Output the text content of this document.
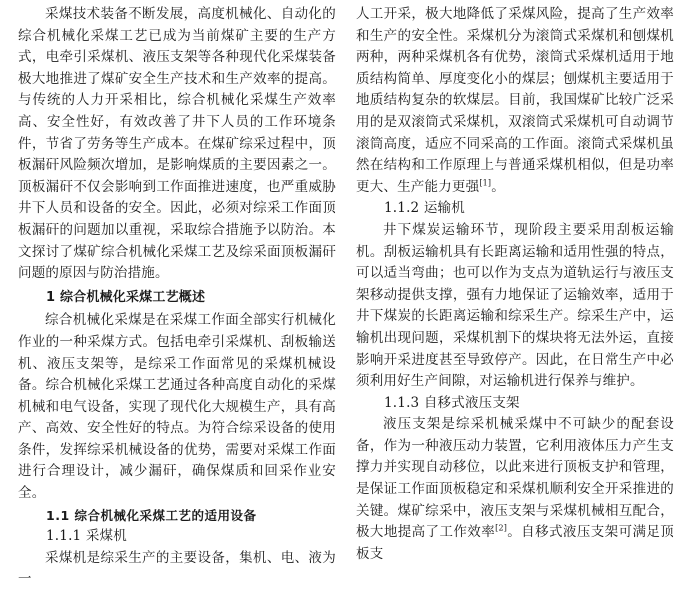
采煤技术装备不断发展，高度机械化、自动化的综合机械化采煤工艺已成为当前煤矿主要的生产方式，电牵引采煤机、液压支架等各种现代化采煤装备极大地推进了煤矿安全生产技术和生产效率的提高。与传统的人力开采相比，综合机械化采煤生产效率高、安全性好，有效改善了井下人员的工作环境条件，节省了劳务等生产成本。在煤矿综采过程中，顶板漏矸风险频次增加，是影响煤质的主要因素之一。顶板漏矸不仅会影响到工作面推进速度，也严重威胁井下人员和设备的安全。因此，必须对综采工作面顶板漏矸的问题加以重视，采取综合措施予以防治。本文探讨了煤矿综合机械化采煤工艺及综采面顶板漏矸问题的原因与防治措施。

1 综合机械化采煤工艺概述

综合机械化采煤是在采煤工作面全部实行机械化作业的一种采煤方式。包括电牵引采煤机、刮板输送机、液压支架等，是综采工作面常见的采煤机械设备。综合机械化采煤工艺通过各种高度自动化的采煤机械和电气设备，实现了现代化大规模生产，具有高产、高效、安全性好的特点。为符合综采设备的使用条件，发挥综采机械设备的优势，需要对采煤工作面进行合理设计，减少漏矸，确保煤质和回采作业安全。

1.1 综合机械化采煤工艺的适用设备
1.1.1 采煤机

采煤机是综采生产的主要设备，集机、电、液为一

人工开采，极大地降低了采煤风险，提高了生产效率和生产的安全性。采煤机分为滚筒式采煤机和刨煤机两种，两种采煤机各有优势，滚筒式采煤机适用于地质结构简单、厚度变化小的煤层；刨煤机主要适用于地质结构复杂的软煤层。目前，我国煤矿比较广泛采用的是双滚筒式采煤机，双滚筒式采煤机可自动调节滚筒高度，适应不同采高的工作面。滚筒式采煤机虽然在结构和工作原理上与普通采煤机相似，但是功率更大、生产能力更强[1]。

1.1.2 运输机

井下煤炭运输环节，现阶段主要采用刮板运输机。刮板运输机具有长距离运输和适用性强的特点，可以适当弯曲；也可以作为支点为道轨运行与液压支架移动提供支撑，强有力地保证了运输效率，适用于井下煤炭的长距离运输和综采生产。综采生产中，运输机出现问题，采煤机割下的煤块将无法外运，直接影响开采进度甚至导致停产。因此，在日常生产中必须利用好生产间隙，对运输机进行保养与维护。

1.1.3 自移式液压支架

液压支架是综采机械采煤中不可缺少的配套设备，作为一种液压动力装置，它利用液体压力产生支撑力并实现自动移位，以此来进行顶板支护和管理，是保证工作面顶板稳定和采煤机顺利安全开采推进的关键。煤矿综采中，液压支架与采煤机械相互配合，极大地提高了工作效率[2]。自移式液压支架可满足顶板支
